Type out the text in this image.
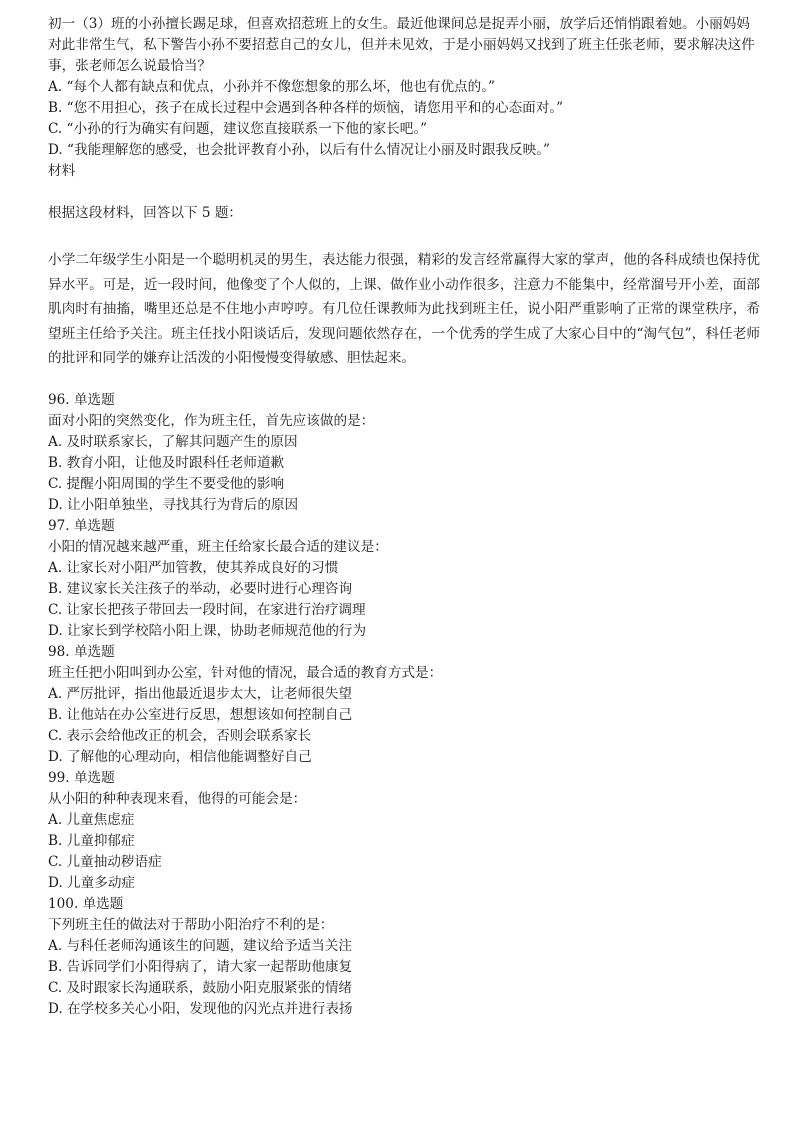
初一（3）班的小孙擅长踢足球，但喜欢招惹班上的女生。最近他课间总是捉弄小丽，放学后还悄悄跟着她。小丽妈妈对此非常生气，私下警告小孙不要招惹自己的女儿，但并未见效，于是小丽妈妈又找到了班主任张老师，要求解决这件事，张老师怎么说最恰当？
A. “每个人都有缺点和优点，小孙并不像您想象的那么坏，他也有优点的。”
B. “您不用担心，孩子在成长过程中会遇到各种各样的烦恼，请您用平和的心态面对。”
C. “小孙的行为确实有问题，建议您直接联系一下他的家长吧。”
D. “我能理解您的感受，也会批评教育小孙，以后有什么情况让小丽及时跟我反映。”
材料
根据这段材料，回答以下 5 题：
小学二年级学生小阳是一个聪明机灵的男生，表达能力很强，精彩的发言经常赢得大家的掌声，他的各科成绩也保持优异水平。可是，近一段时间，他像变了个人似的，上课、做作业小动作很多，注意力不能集中，经常溜号开小差，面部肌肉时有抽搐，嘴里还总是不住地小声哼哼。有几位任课教师为此找到班主任，说小阳严重影响了正常的课堂秩序，希望班主任给予关注。班主任找小阳谈话后，发现问题依然存在，一个优秀的学生成了大家心目中的“淘气包”，科任老师的批评和同学的嫌弃让活泼的小阳慢慢变得敏感、胆怯起来。
96. 单选题
面对小阳的突然变化，作为班主任，首先应该做的是：
A. 及时联系家长，了解其问题产生的原因
B. 教育小阳，让他及时跟科任老师道歉
C. 提醒小阳周围的学生不要受他的影响
D. 让小阳单独坐，寻找其行为背后的原因
97. 单选题
小阳的情况越来越严重，班主任给家长最合适的建议是：
A. 让家长对小阳严加管教，使其养成良好的习惯
B. 建议家长关注孩子的举动，必要时进行心理咨询
C. 让家长把孩子带回去一段时间，在家进行治疗调理
D. 让家长到学校陪小阳上课，协助老师规范他的行为
98. 单选题
班主任把小阳叫到办公室，针对他的情况，最合适的教育方式是：
A. 严厉批评，指出他最近退步太大，让老师很失望
B. 让他站在办公室进行反思，想想该如何控制自己
C. 表示会给他改正的机会，否则会联系家长
D. 了解他的心理动向，相信他能调整好自己
99. 单选题
从小阳的种种表现来看，他得的可能会是：
A. 儿童焦虑症
B. 儿童抑郁症
C. 儿童抽动秽语症
D. 儿童多动症
100. 单选题
下列班主任的做法对于帮助小阳治疗不利的是：
A. 与科任老师沟通该生的问题，建议给予适当关注
B. 告诉同学们小阳得病了，请大家一起帮助他康复
C. 及时跟家长沟通联系，鼓励小阳克服紧张的情绪
D. 在学校多关心小阳，发现他的闪光点并进行表扬
